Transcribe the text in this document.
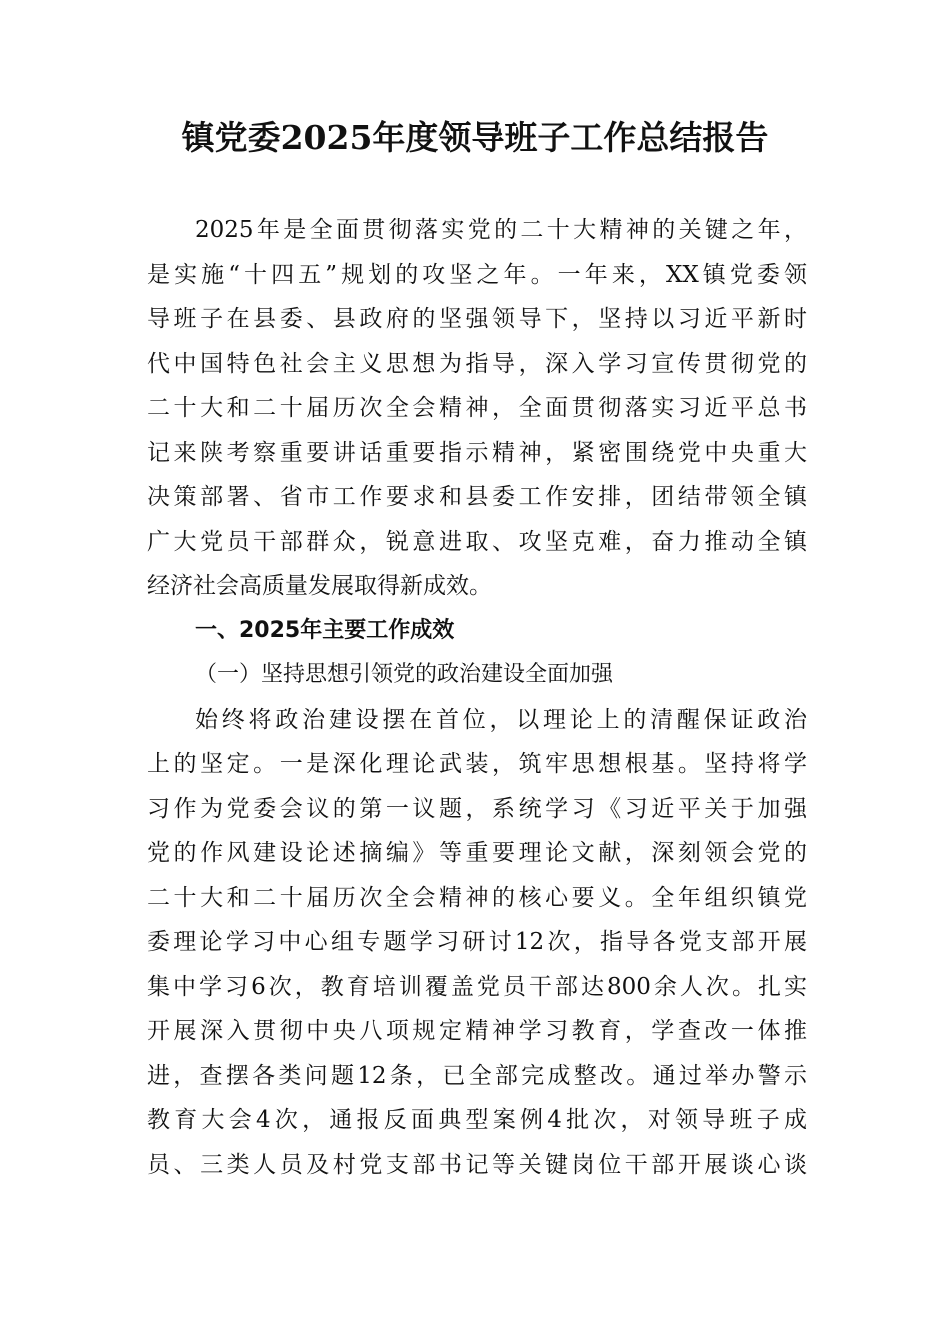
镇党委2025年度领导班子工作总结报告
2025年是全面贯彻落实党的二十大精神的关键之年，
是实施“十四五”规划的攻坚之年。一年来，XX镇党委领
导班子在县委、县政府的坚强领导下，坚持以习近平新时
代中国特色社会主义思想为指导，深入学习宣传贯彻党的
二十大和二十届历次全会精神，全面贯彻落实习近平总书
记来陕考察重要讲话重要指示精神，紧密围绕党中央重大
决策部署、省市工作要求和县委工作安排，团结带领全镇
广大党员干部群众，锐意进取、攻坚克难，奋力推动全镇
经济社会高质量发展取得新成效。
一、2025年主要工作成效
（一）坚持思想引领党的政治建设全面加强
始终将政治建设摆在首位，以理论上的清醒保证政治
上的坚定。一是深化理论武装，筑牢思想根基。坚持将学
习作为党委会议的第一议题，系统学习《习近平关于加强
党的作风建设论述摘编》等重要理论文献，深刻领会党的
二十大和二十届历次全会精神的核心要义。全年组织镇党
委理论学习中心组专题学习研讨12次，指导各党支部开展
集中学习6次，教育培训覆盖党员干部达800余人次。扎实
开展深入贯彻中央八项规定精神学习教育，学查改一体推
进，查摆各类问题12条，已全部完成整改。通过举办警示
教育大会4次，通报反面典型案例4批次，对领导班子成
员、三类人员及村党支部书记等关键岗位干部开展谈心谈
